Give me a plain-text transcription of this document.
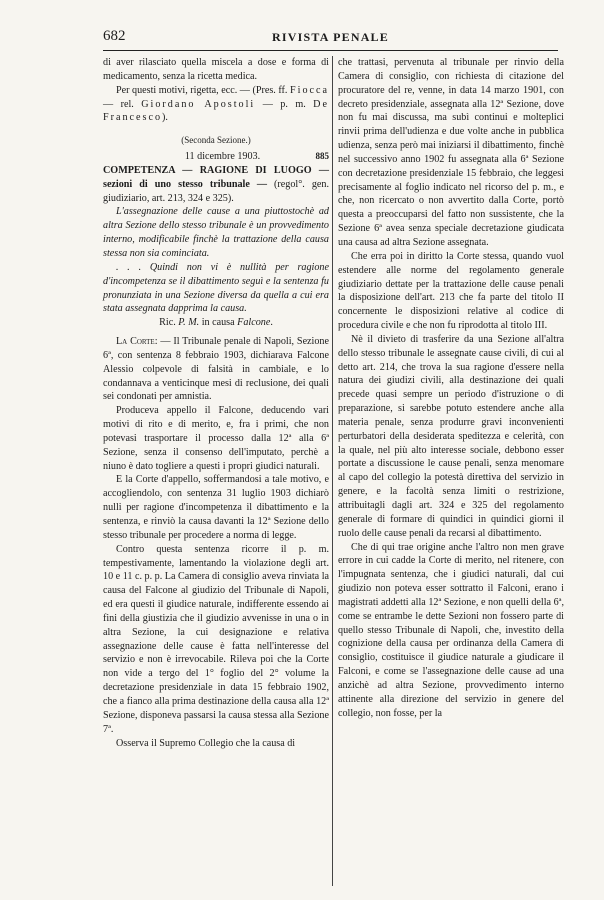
682	RIVISTA PENALE

di aver rilasciato quella miscela a dose e forma di medicamento, senza la ricetta medica.

Per questi motivi, rigetta, ecc. — (Pres. ff. Fiocca — rel. Giordano Apostoli — p. m. De Francesco).

(Seconda Sezione.)

11 dicembre 1903.	885

COMPETENZA — RAGIONE DI LUOGO — sezioni di uno stesso tribunale — (regol°. gen. giudiziario, art. 213, 324 e 325).

L'assegnazione delle cause a una piuttostochè ad altra Sezione dello stesso tribunale è un provvedimento interno, modificabile finchè la trattazione della causa stessa non sia cominciata.

. . . Quindi non vi è nullità per ragione d'incompetenza se il dibattimento seguì e la sentenza fu pronunziata in una Sezione diversa da quella a cui era stata assegnata dapprima la causa.

Ric. P. M. in causa Falcone.

La Corte: — Il Tribunale penale di Napoli, Sezione 6ª, con sentenza 8 febbraio 1903, dichiarava Falcone Alessio colpevole di falsità in cambiale, e lo condannava a venticinque mesi di reclusione, dei quali sei condonati per amnistia.

Produceva appello il Falcone, deducendo vari motivi di rito e di merito, e, fra i primi, che non potevasi trasportare il processo dalla 12ª alla 6ª Sezione, senza il consenso dell'imputato, perchè a niuno è dato togliere a questi i propri giudici naturali.

E la Corte d'appello, soffermandosi a tale motivo, e accogliendolo, con sentenza 31 luglio 1903 dichiarò nulli per ragione d'incompetenza il dibattimento e la sentenza, e rinviò la causa davanti la 12ª Sezione dello stesso tribunale per procedere a norma di legge.

Contro questa sentenza ricorre il p. m. tempestivamente, lamentando la violazione degli art. 10 e 11 c. p. p. La Camera di consiglio aveva rinviata la causa del Falcone al giudizio del Tribunale di Napoli, ed era questi il giudice naturale, indifferente essendo ai fini della giustizia che il giudizio avvenisse in una o in altra Sezione, la cui designazione e relativa assegnazione delle cause è fatta nell'interesse del servizio e non è irrevocabile. Rileva poi che la Corte non vide a tergo del 1° foglio del 2° volume la decretazione presidenziale in data 15 febbraio 1902, che a fianco alla prima destinazione della causa alla 12ª Sezione, disponeva passarsi la causa stessa alla Sezione 7ª.

Osserva il Supremo Collegio che la causa di

che trattasi, pervenuta al tribunale per rinvio della Camera di consiglio, con richiesta di citazione del procuratore del re, venne, in data 14 marzo 1901, con decreto presidenziale, assegnata alla 12ª Sezione, dove non fu mai discussa, ma subì continui e molteplici rinvii prima dell'udienza e due volte anche in pubblica udienza, senza però mai iniziarsi il dibattimento, finchè nel successivo anno 1902 fu assegnata alla 6ª Sezione con decretazione presidenziale 15 febbraio, che leggesi precisamente al foglio indicato nel ricorso del p. m., e che, non ricercato o non avvertito dalla Corte, portò questa a preoccuparsi del fatto non sussistente, che la Sezione 6ª avea senza speciale decretazione giudicata una causa ad altra Sezione assegnata.

Che erra poi in diritto la Corte stessa, quando vuol estendere alle norme del regolamento generale giudiziario dettate per la trattazione delle cause penali la disposizione dell'art. 213 che fa parte del titolo II concernente le disposizioni relative al codice di procedura civile e che non fu riprodotta al titolo III.

Nè il divieto di trasferire da una Sezione all'altra dello stesso tribunale le assegnate cause civili, di cui al detto art. 214, che trova la sua ragione d'essere nella natura dei giudizi civili, alla destinazione dei quali precede quasi sempre un periodo d'istruzione o di preparazione, si sarebbe potuto estendere anche alla materia penale, senza produrre gravi inconvenienti perturbatori della desiderata speditezza e celerità, con la quale, nel più alto interesse sociale, debbono esser portate a discussione le cause penali, senza menomare al capo del collegio la potestà direttiva del servizio in genere, e la facoltà senza limiti o restrizione, attribuitagli dagli art. 324 e 325 del regolamento generale di formare di quindici in quindici giorni il ruolo delle cause penali da recarsi al dibattimento.

Che di qui trae origine anche l'altro non men grave errore in cui cadde la Corte di merito, nel ritenere, con l'impugnata sentenza, che i giudici naturali, dal cui giudizio non poteva esser sottratto il Falconi, erano i magistrati addetti alla 12ª Sezione, e non quelli della 6ª, come se entrambe le dette Sezioni non fossero parte di quello stesso Tribunale di Napoli, che, investito della cognizione della causa per ordinanza della Camera di consiglio, costituisce il giudice naturale a giudicare il Falconi, e come se l'assegnazione delle cause ad una anzichè ad altra Sezione, provvedimento interno attinente alla direzione del servizio in genere del collegio, non fosse, per la
